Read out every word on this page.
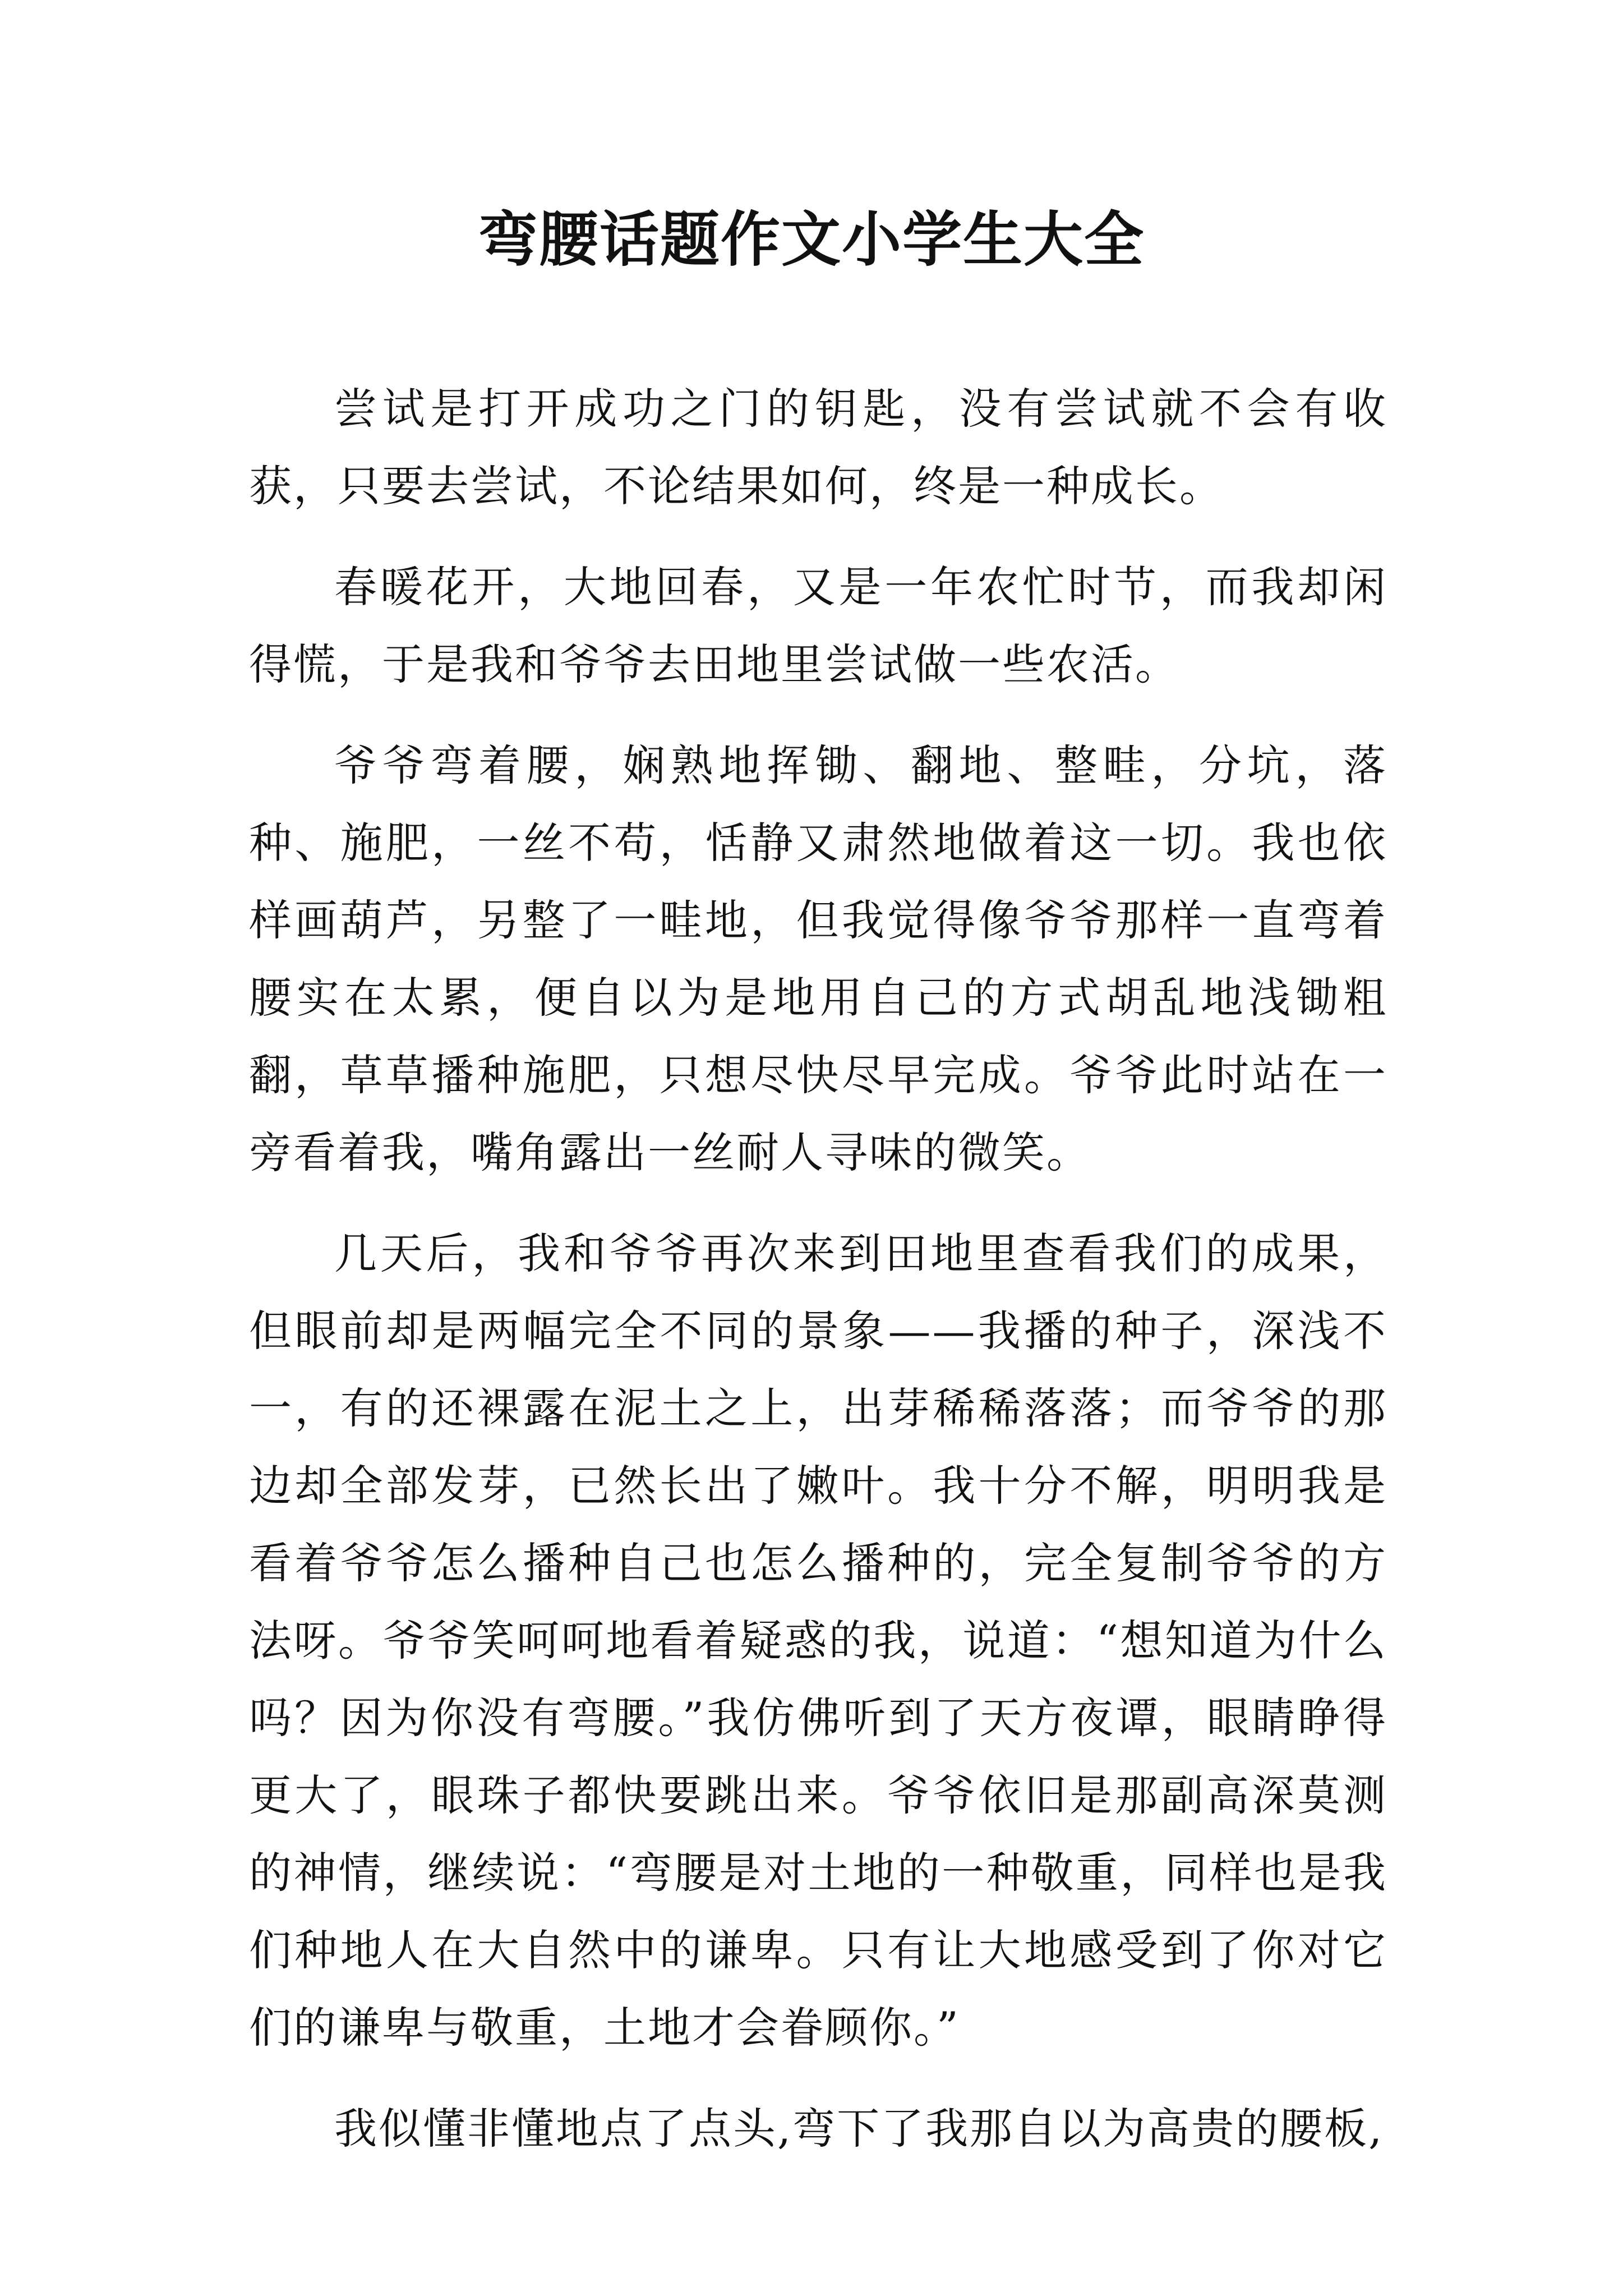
弯腰话题作文小学生大全

尝试是打开成功之门的钥匙，没有尝试就不会有收获，只要去尝试，不论结果如何，终是一种成长。

春暖花开，大地回春，又是一年农忙时节，而我却闲得慌，于是我和爷爷去田地里尝试做一些农活。

爷爷弯着腰，娴熟地挥锄、翻地、整畦，分坑，落种、施肥，一丝不苟，恬静又肃然地做着这一切。我也依样画葫芦，另整了一畦地，但我觉得像爷爷那样一直弯着腰实在太累，便自以为是地用自己的方式胡乱地浅锄粗翻，草草播种施肥，只想尽快尽早完成。爷爷此时站在一旁看着我，嘴角露出一丝耐人寻味的微笑。

几天后，我和爷爷再次来到田地里查看我们的成果，但眼前却是两幅完全不同的景象——我播的种子，深浅不一，有的还裸露在泥土之上，出芽稀稀落落；而爷爷的那边却全部发芽，已然长出了嫩叶。我十分不解，明明我是看着爷爷怎么播种自己也怎么播种的，完全复制爷爷的方法呀。爷爷笑呵呵地看着疑惑的我，说道：“想知道为什么吗？因为你没有弯腰。”我仿佛听到了天方夜谭，眼睛睁得更大了，眼珠子都快要跳出来。爷爷依旧是那副高深莫测的神情，继续说：“弯腰是对土地的一种敬重，同样也是我们种地人在大自然中的谦卑。只有让大地感受到了你对它们的谦卑与敬重，土地才会眷顾你。”

我似懂非懂地点了点头,弯下了我那自以为高贵的腰板,
